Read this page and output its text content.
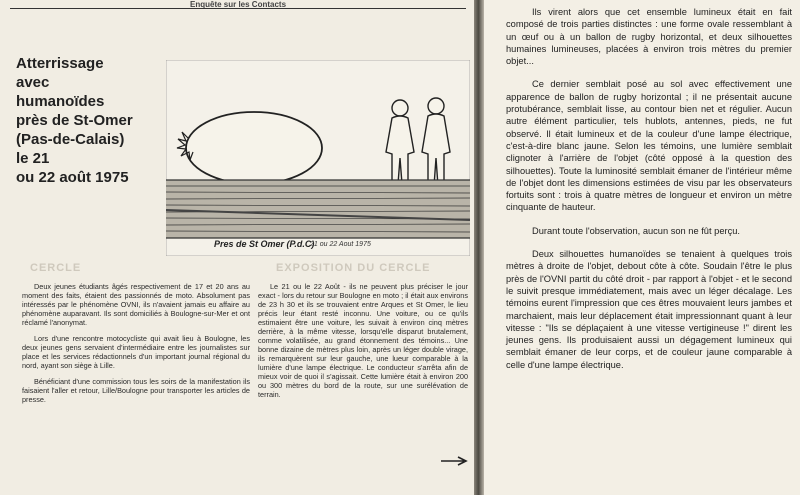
Enquête sur les Contacts
Atterrissage
avec
humanoïdes
près de St-Omer
(Pas-de-Calais)
le 21
ou 22 août 1975
Pres de St Omer (P.d.C)
21 ou 22 Aout 1975
CERCLE	EXPOSITION DU CERCLE

Deux jeunes étudiants âgés respectivement de 17 et 20 ans au moment des faits, étaient des passionnés de moto. Absolument pas intéressés par le phénomène OVNI, ils n'avaient jamais eu affaire au phénomène auparavant. Ils sont domiciliés à Boulogne-sur-Mer et ont réclamé l'anonymat.

Lors d'une rencontre motocycliste qui avait lieu à Boulogne, les deux jeunes gens servaient d'intermédiaire entre les journalistes sur place et les services rédactionnels d'un important journal régional du nord, ayant son siège à Lille.

Bénéficiant d'une commission tous les soirs de la manifestation ils faisaient l'aller et retour, Lille/Boulogne pour transporter les articles de presse.

Le 21 ou le 22 Août - ils ne peuvent plus préciser le jour exact - lors du retour sur Boulogne en moto ; il était aux environs de 23 h 30 et ils se trouvaient entre Arques et St Omer, le lieu précis leur étant resté inconnu. Une voiture, ou ce qu'ils estimaient être une voiture, les suivait à environ cinq mètres derrière, à la même vitesse, lorsqu'elle disparut brutalement, comme volatilisée, au grand étonnement des témoins... Une bonne dizaine de mètres plus loin, après un léger double virage, ils remarquèrent sur leur gauche, une lueur comparable à la lumière d'une lampe électrique. Le conducteur s'arrêta afin de mieux voir de quoi il s'agissait. Cette lumière était à environ 200 ou 300 mètres du bord de la route, sur une surélévation de terrain.

Ils virent alors que cet ensemble lumineux était en fait composé de trois parties distinctes : une forme ovale ressemblant à un œuf ou à un ballon de rugby horizontal, et deux silhouettes humaines lumineuses, placées à environ trois mètres du premier objet...

Ce dernier semblait posé au sol avec effectivement une apparence de ballon de rugby horizontal ; il ne présentait aucune protubérance, semblait lisse, au contour bien net et régulier. Aucun autre élément particulier, tels hublots, antennes, pieds, ne fut observé. Il était lumineux et de la couleur d'une lampe électrique, c'est-à-dire blanc jaune. Selon les témoins, une lumière semblait clignoter à l'arrière de l'objet (côté opposé à la question des silhouettes). Toute la luminosité semblait émaner de l'intérieur même de l'objet dont les dimensions estimées de visu par les observateurs fortuits sont : trois à quatre mètres de longueur et environ un mètre cinquante de hauteur.

Durant toute l'observation, aucun son ne fût perçu.

Deux silhouettes humanoïdes se tenaient à quelques trois mètres à droite de l'objet, debout côte à côte. Soudain l'être le plus près de l'OVNI partit du côté droit - par rapport à l'objet - et le second le suivit presque immédiatement, mais avec un léger décalage. Les témoins eurent l'impression que ces êtres mouvaient leurs jambes et marchaient, mais leur déplacement était impressionnant quant à leur vitesse : "Ils se déplaçaient à une vitesse vertigineuse !" dirent les jeunes gens. Ils produisaient aussi un dégagement lumineux qui semblait émaner de leur corps, et de couleur jaune comparable à celle d'une lampe électrique.
